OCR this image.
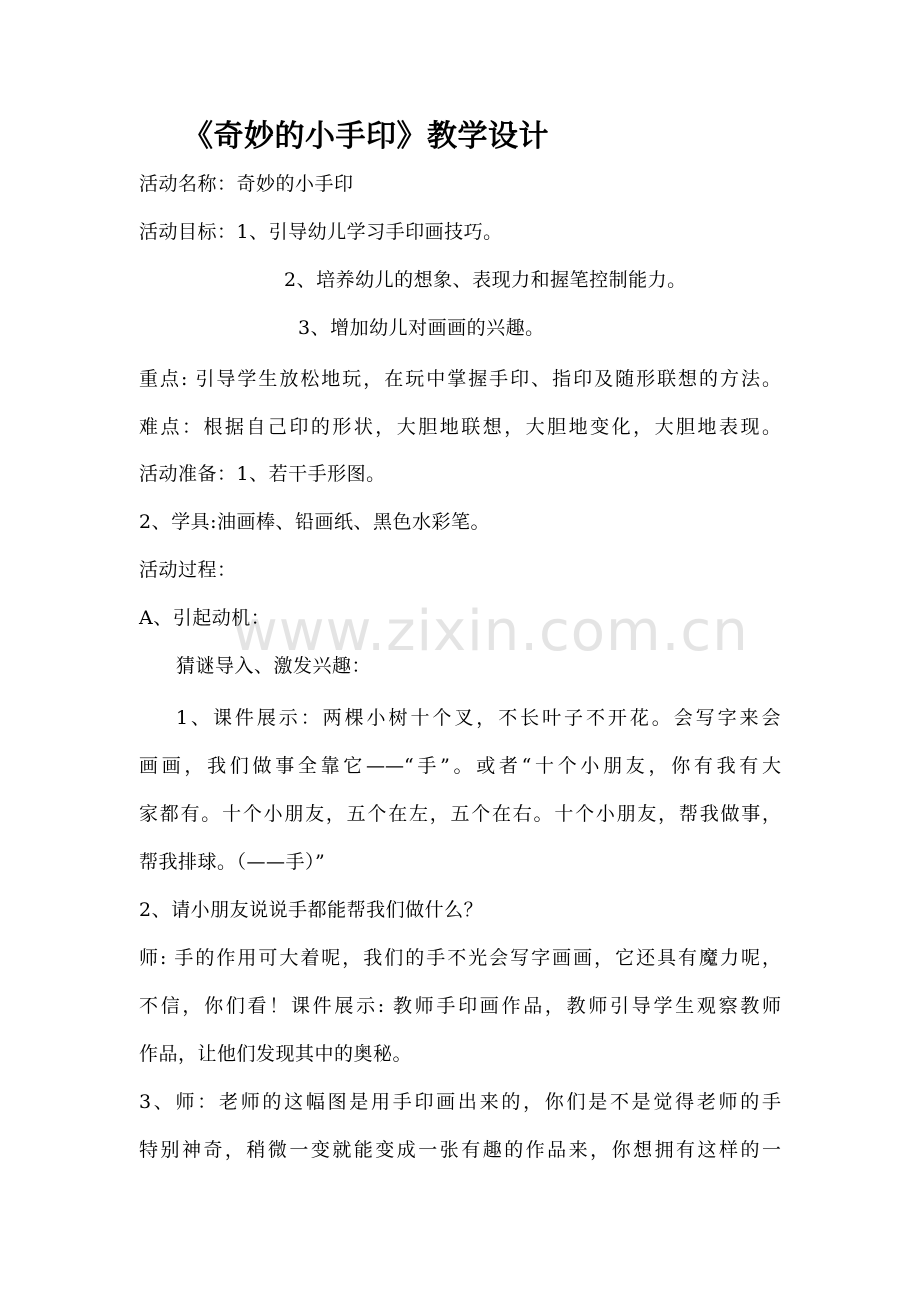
www.zixin.com.cn
《奇妙的小手印》教学设计
活动名称：奇妙的小手印
活动目标：1、引导幼儿学习手印画技巧。
2、培养幼儿的想象、表现力和握笔控制能力。
3、增加幼儿对画画的兴趣。
重点: 引导学生放松地玩，在玩中掌握手印、指印及随形联想的方法。
难点：根据自己印的形状，大胆地联想，大胆地变化，大胆地表现。
活动准备：1、若干手形图。
2、学具:油画棒、铅画纸、黑色水彩笔。
活动过程：
A、引起动机：
猜谜导入、激发兴趣：
1、课件展示：两棵小树十个叉，不长叶子不开花。会写字来会
画画，我们做事全靠它——“手”。或者“十个小朋友，你有我有大
家都有。十个小朋友，五个在左，五个在右。十个小朋友，帮我做事，
帮我排球。（——手）”
2、请小朋友说说手都能帮我们做什么？
师: 手的作用可大着呢，我们的手不光会写字画画，它还具有魔力呢，
不信，你们看！课件展示: 教师手印画作品，教师引导学生观察教师
作品，让他们发现其中的奥秘。
3、师：老师的这幅图是用手印画出来的，你们是不是觉得老师的手
特别神奇，稍微一变就能变成一张有趣的作品来，你想拥有这样的一
